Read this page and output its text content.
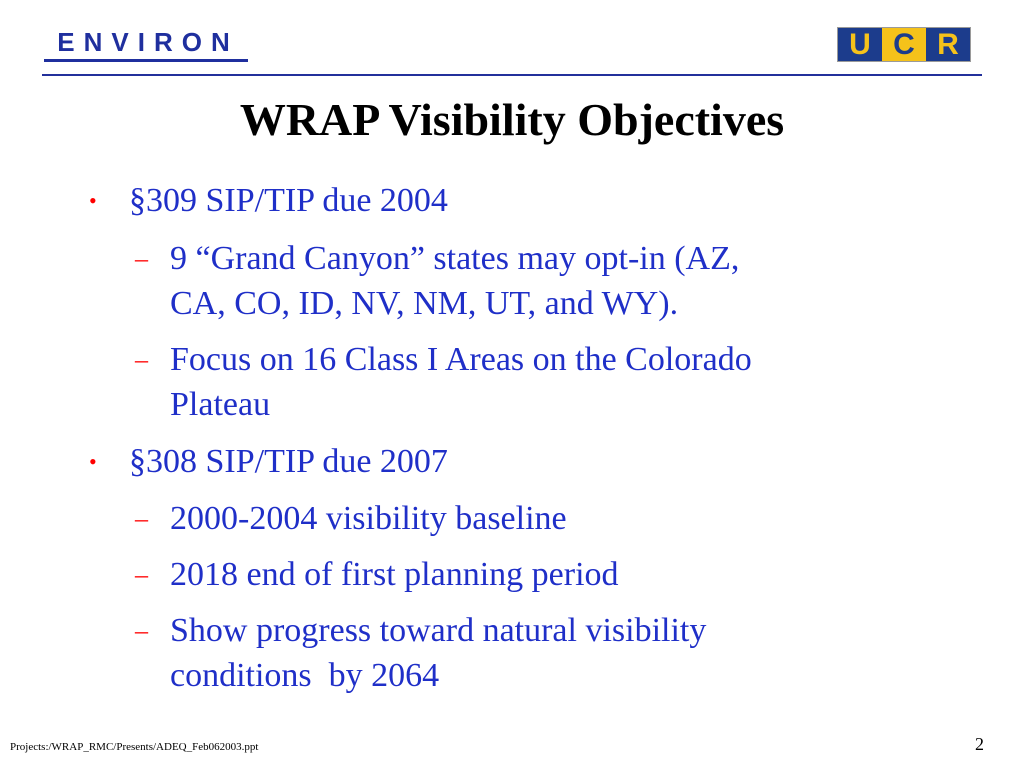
ENVIRON	U C R
WRAP Visibility Objectives
• §309 SIP/TIP due 2004
– 9 “Grand Canyon” states may opt-in (AZ,
CA, CO, ID, NV, NM, UT, and WY).
– Focus on 16 Class I Areas on the Colorado
Plateau
• §308 SIP/TIP due 2007
– 2000-2004 visibility baseline
– 2018 end of first planning period
– Show progress toward natural visibility
conditions  by 2064
Projects:/WRAP_RMC/Presents/ADEQ_Feb062003.ppt	2
